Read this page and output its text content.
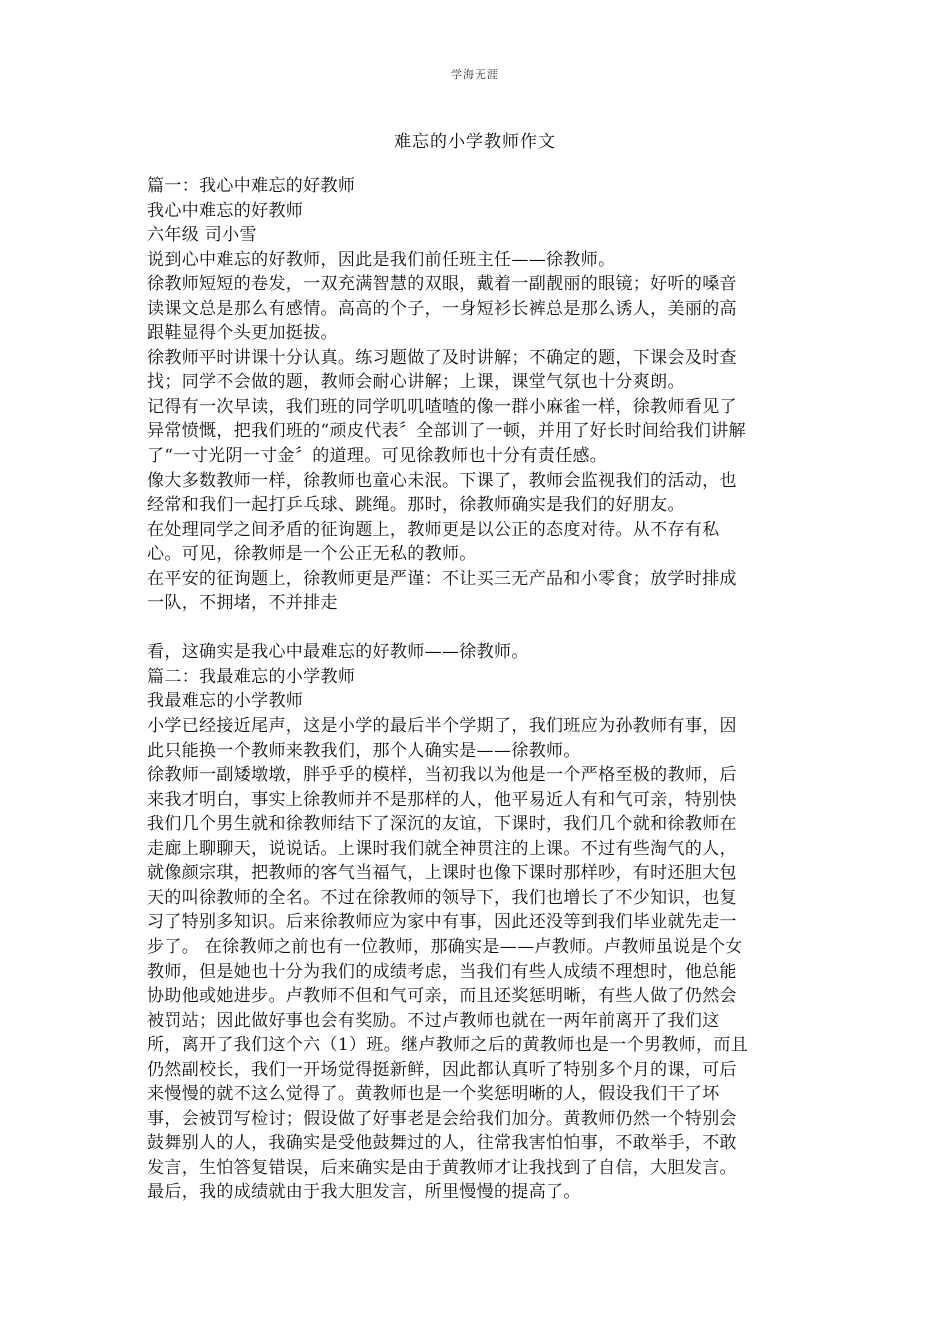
学海无涯
难忘的小学教师作文
篇一：我心中难忘的好教师
我心中难忘的好教师
六年级 司小雪
说到心中难忘的好教师，因此是我们前任班主任——徐教师。
徐教师短短的卷发，一双充满智慧的双眼，戴着一副靓丽的眼镜；好听的嗓音
读课文总是那么有感情。高高的个子，一身短衫长裤总是那么诱人，美丽的高
跟鞋显得个头更加挺拔。
徐教师平时讲课十分认真。练习题做了及时讲解；不确定的题，下课会及时查
找；同学不会做的题，教师会耐心讲解；上课，课堂气氛也十分爽朗。
记得有一次早读，我们班的同学叽叽喳喳的像一群小麻雀一样，徐教师看见了
异常愤慨，把我们班的“顽皮代表〞全部训了一顿，并用了好长时间给我们讲解
了“一寸光阴一寸金〞的道理。可见徐教师也十分有责任感。
像大多数教师一样，徐教师也童心未泯。下课了，教师会监视我们的活动，也
经常和我们一起打乒乓球、跳绳。那时，徐教师确实是我们的好朋友。
在处理同学之间矛盾的征询题上，教师更是以公正的态度对待。从不存有私
心。可见，徐教师是一个公正无私的教师。
在平安的征询题上，徐教师更是严谨：不让买三无产品和小零食；放学时排成
一队，不拥堵，不并排走
看，这确实是我心中最难忘的好教师——徐教师。
篇二：我最难忘的小学教师
我最难忘的小学教师
小学已经接近尾声，这是小学的最后半个学期了，我们班应为孙教师有事，因
此只能换一个教师来教我们，那个人确实是——徐教师。
徐教师一副矮墩墩，胖乎乎的模样，当初我以为他是一个严格至极的教师，后
来我才明白，事实上徐教师并不是那样的人，他平易近人有和气可亲，特别快
我们几个男生就和徐教师结下了深沉的友谊，下课时，我们几个就和徐教师在
走廊上聊聊天，说说话。上课时我们就全神贯注的上课。不过有些淘气的人，
就像颜宗琪，把教师的客气当福气，上课时也像下课时那样吵，有时还胆大包
天的叫徐教师的全名。不过在徐教师的领导下，我们也增长了不少知识，也复
习了特别多知识。后来徐教师应为家中有事，因此还没等到我们毕业就先走一
步了。 在徐教师之前也有一位教师，那确实是——卢教师。卢教师虽说是个女
教师，但是她也十分为我们的成绩考虑，当我们有些人成绩不理想时，他总能
协助他或她进步。卢教师不但和气可亲，而且还奖惩明晰，有些人做了仍然会
被罚站；因此做好事也会有奖励。不过卢教师也就在一两年前离开了我们这
所，离开了我们这个六（1）班。继卢教师之后的黄教师也是一个男教师，而且
仍然副校长，我们一开场觉得挺新鲜，因此都认真听了特别多个月的课，可后
来慢慢的就不这么觉得了。黄教师也是一个奖惩明晰的人，假设我们干了坏
事，会被罚写检讨；假设做了好事老是会给我们加分。黄教师仍然一个特别会
鼓舞别人的人，我确实是受他鼓舞过的人，往常我害怕怕事，不敢举手，不敢
发言，生怕答复错误，后来确实是由于黄教师才让我找到了自信，大胆发言。
最后，我的成绩就由于我大胆发言，所里慢慢的提高了。
